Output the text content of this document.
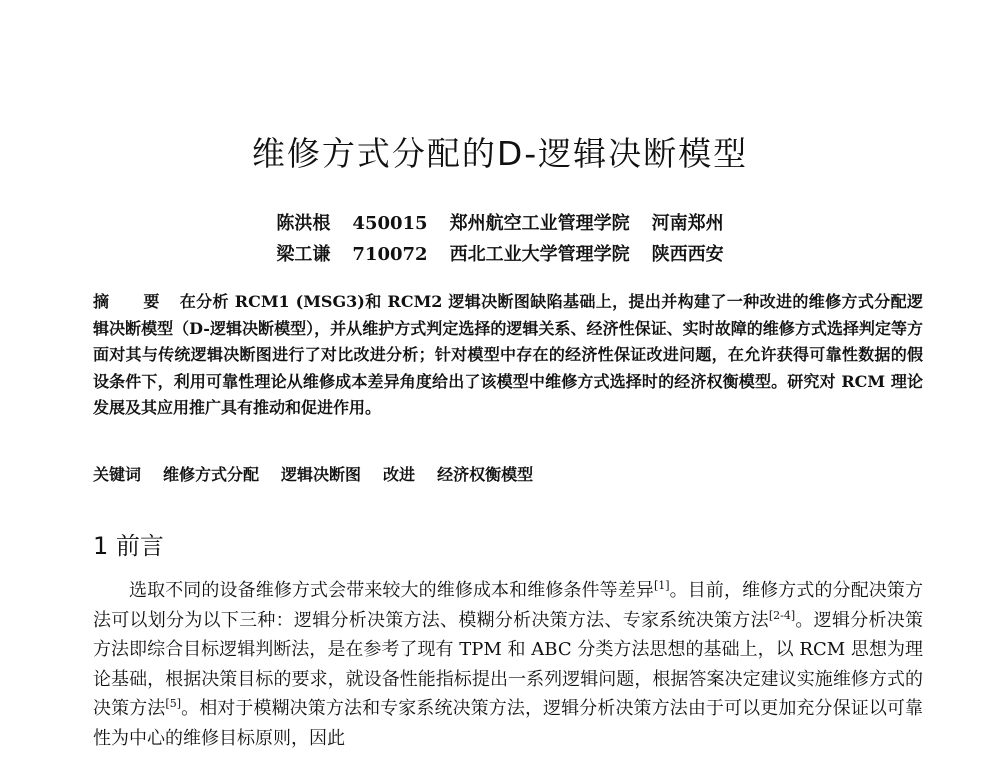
维修方式分配的D-逻辑决断模型
陈洪根 450015 郑州航空工业管理学院 河南郑州
梁工谦 710072 西北工业大学管理学院 陕西西安
摘 要 在分析 RCM1 (MSG3)和 RCM2 逻辑决断图缺陷基础上，提出并构建了一种改进的维修方式分配逻辑决断模型（D-逻辑决断模型），并从维护方式判定选择的逻辑关系、经济性保证、实时故障的维修方式选择判定等方面对其与传统逻辑决断图进行了对比改进分析；针对模型中存在的经济性保证改进问题，在允许获得可靠性数据的假设条件下，利用可靠性理论从维修成本差异角度给出了该模型中维修方式选择时的经济权衡模型。研究对 RCM 理论发展及其应用推广具有推动和促进作用。
关键词 维修方式分配 逻辑决断图 改进 经济权衡模型
1 前言
选取不同的设备维修方式会带来较大的维修成本和维修条件等差异[1]。目前，维修方式的分配决策方法可以划分为以下三种：逻辑分析决策方法、模糊分析决策方法、专家系统决策方法[2-4]。逻辑分析决策方法即综合目标逻辑判断法，是在参考了现有 TPM 和 ABC 分类方法思想的基础上，以 RCM 思想为理论基础，根据决策目标的要求，就设备性能指标提出一系列逻辑问题，根据答案决定建议实施维修方式的决策方法[5]。相对于模糊决策方法和专家系统决策方法，逻辑分析决策方法由于可以更加充分保证以可靠性为中心的维修目标原则，因此
